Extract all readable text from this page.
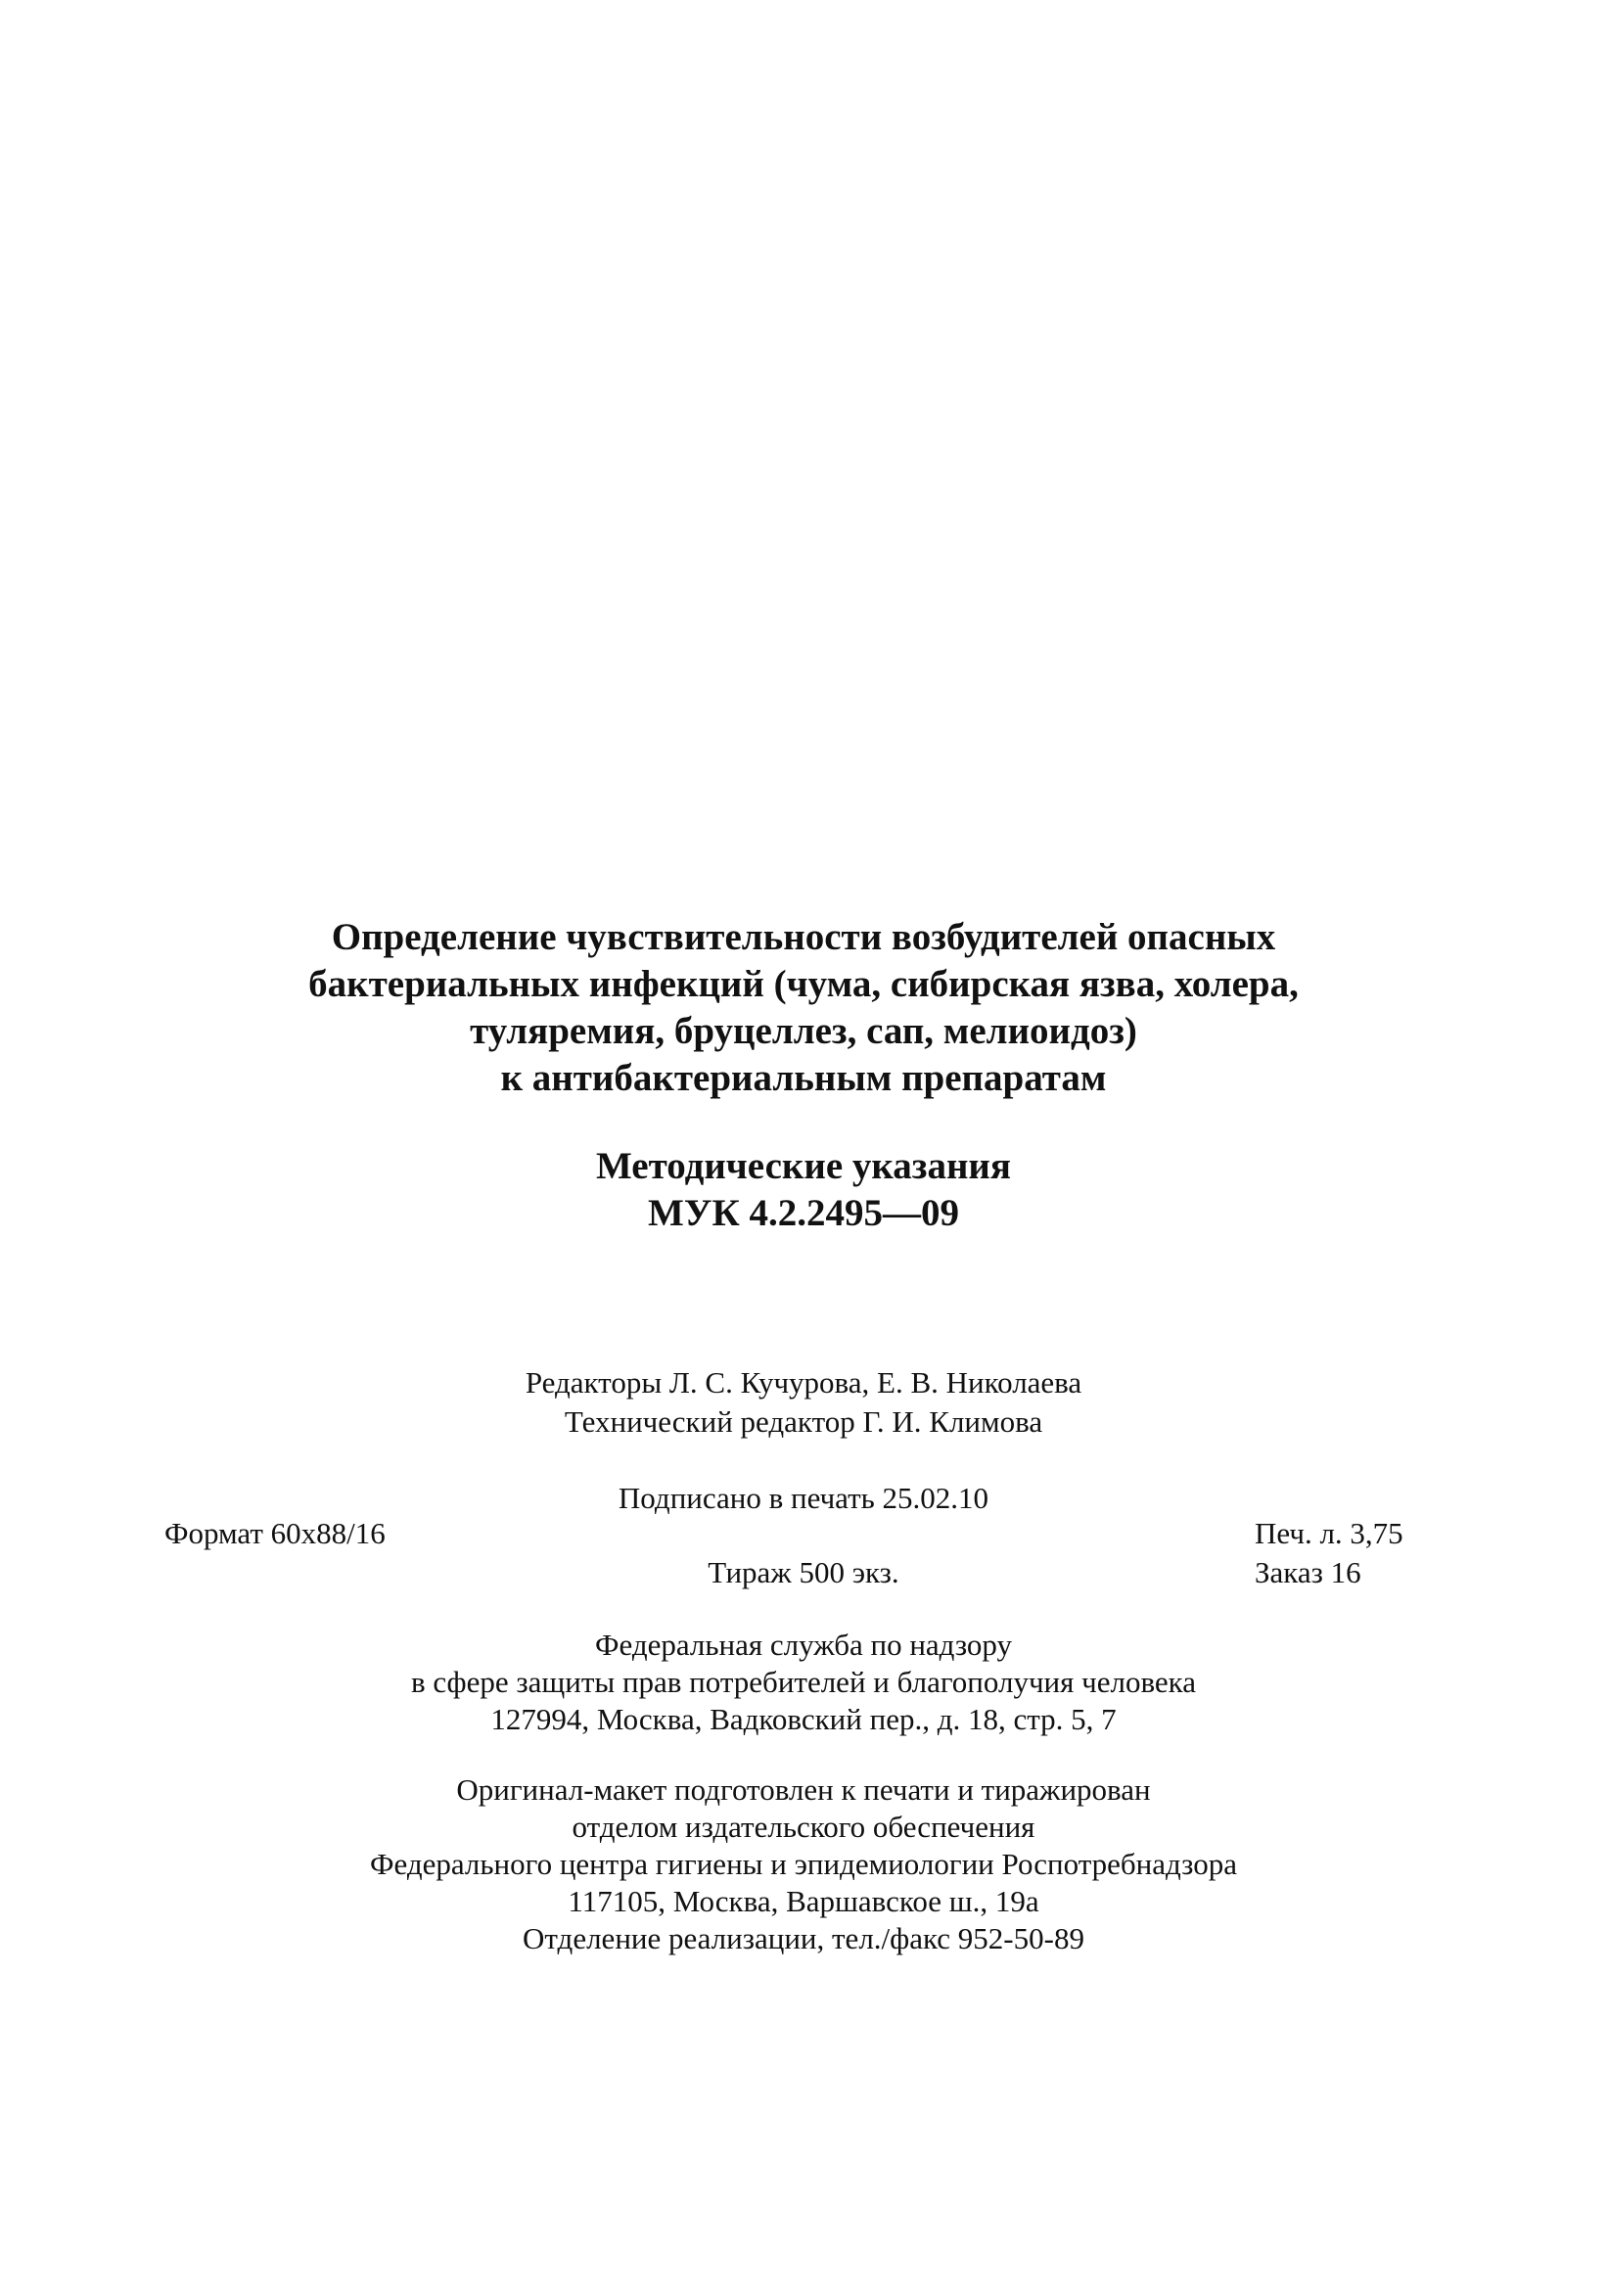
Определение чувствительности возбудителей опасных
бактериальных инфекций (чума, сибирская язва, холера,
туляремия, бруцеллез, сап, мелиоидоз)
к антибактериальным препаратам
Методические указания
МУК 4.2.2495—09
Редакторы Л. С. Кучурова, Е. В. Николаева
Технический редактор Г. И. Климова
Подписано в печать 25.02.10
Формат 60x88/16	Печ. л. 3,75
Тираж 500 экз.	Заказ 16
Федеральная служба по надзору
в сфере защиты прав потребителей и благополучия человека
127994, Москва, Вадковский пер., д. 18, стр. 5, 7
Оригинал-макет подготовлен к печати и тиражирован
отделом издательского обеспечения
Федерального центра гигиены и эпидемиологии Роспотребнадзора
117105, Москва, Варшавское ш., 19а
Отделение реализации, тел./факс 952-50-89
